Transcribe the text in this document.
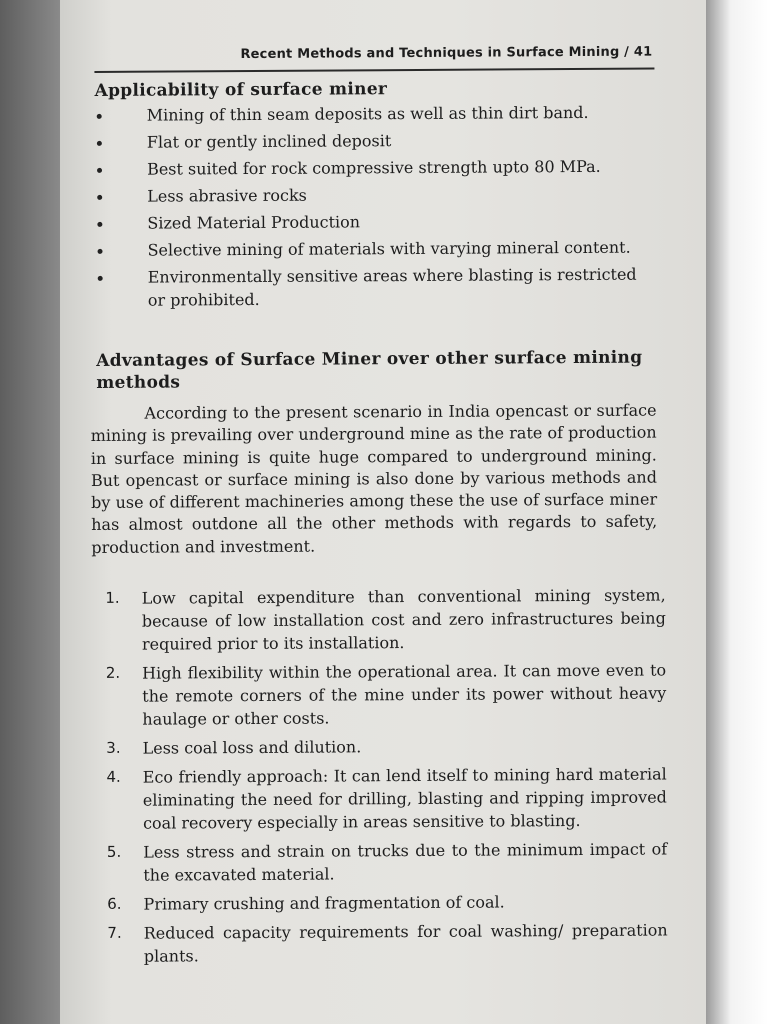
Recent Methods and Techniques in Surface Mining / 41
Applicability of surface miner
Mining of thin seam deposits as well as thin dirt band.
Flat or gently inclined deposit
Best suited for rock compressive strength upto 80 MPa.
Less abrasive rocks
Sized Material Production
Selective mining of materials with varying mineral content.
Environmentally sensitive areas where blasting is restricted or prohibited.
Advantages of Surface Miner over other surface mining methods

According to the present scenario in India opencast or surface mining is prevailing over underground mine as the rate of production in surface mining is quite huge compared to underground mining. But opencast or surface mining is also done by various methods and by use of different machineries among these the use of surface miner has almost outdone all the other methods with regards to safety, production and investment.

1. Low capital expenditure than conventional mining system, because of low installation cost and zero infrastructures being required prior to its installation.
2. High flexibility within the operational area. It can move even to the remote corners of the mine under its power without heavy haulage or other costs.
3. Less coal loss and dilution.
4. Eco friendly approach: It can lend itself to mining hard material eliminating the need for drilling, blasting and ripping improved coal recovery especially in areas sensitive to blasting.
5. Less stress and strain on trucks due to the minimum impact of the excavated material.
6. Primary crushing and fragmentation of coal.
7. Reduced capacity requirements for coal washing/ preparation plants.
